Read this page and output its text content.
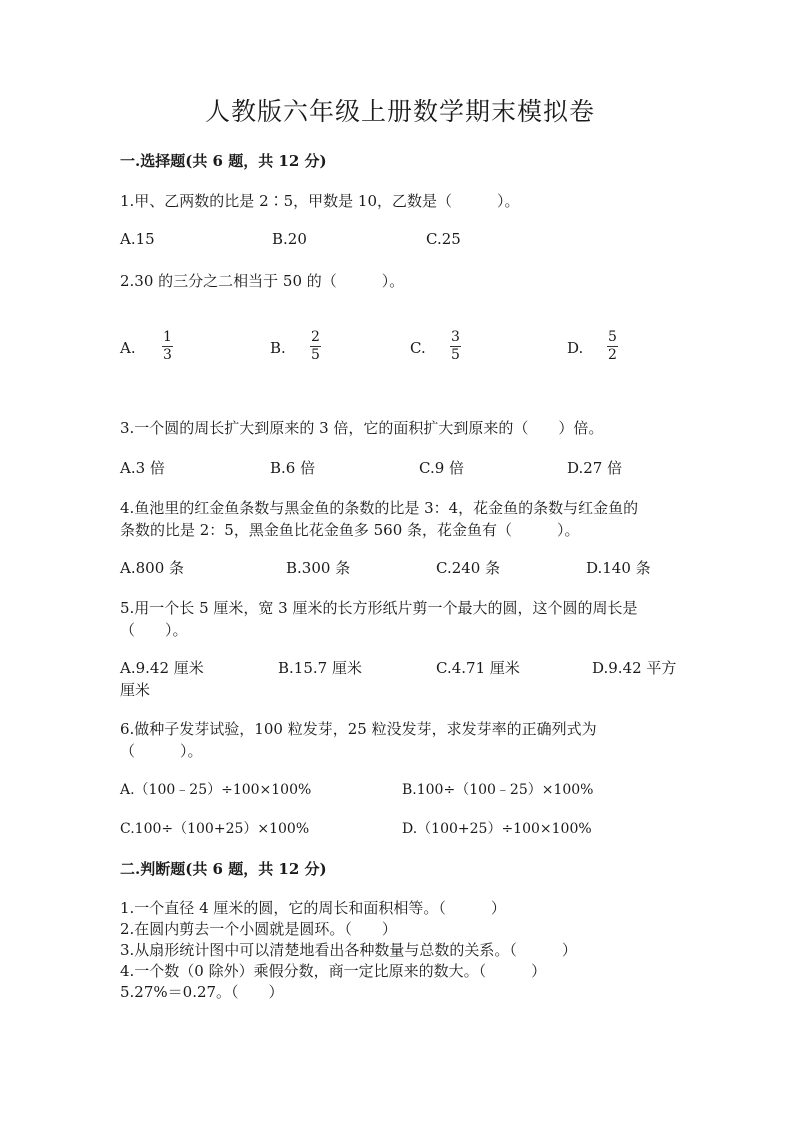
人教版六年级上册数学期末模拟卷
一.选择题(共 6 题，共 12 分)
1.甲、乙两数的比是 2∶5，甲数是 10，乙数是（　　　）。
A.15	B.20	C.25
2.30 的三分之二相当于 50 的（　　　）。
A.
1
3	B.
2
5	C.
3
5	D.
5
2
3.一个圆的周长扩大到原来的 3 倍，它的面积扩大到原来的（　　）倍。
A.3 倍	B.6 倍	C.9 倍	D.27 倍
4.鱼池里的红金鱼条数与黑金鱼的条数的比是 3：4，花金鱼的条数与红金鱼的
条数的比是 2：5，黑金鱼比花金鱼多 560 条，花金鱼有（　　　）。
A.800 条	B.300 条	C.240 条	D.140 条
5.用一个长 5 厘米，宽 3 厘米的长方形纸片剪一个最大的圆，这个圆的周长是
（　　）。
A.9.42 厘米	B.15.7 厘米	C.4.71 厘米	D.9.42 平方
厘米
6.做种子发芽试验，100 粒发芽，25 粒没发芽，求发芽率的正确列式为
（　　　）。
A.（100﹣25）÷100×100%	B.100÷（100﹣25）×100%
C.100÷（100+25）×100%	D.（100+25）÷100×100%
二.判断题(共 6 题，共 12 分)
1.一个直径 4 厘米的圆，它的周长和面积相等。（　　　）
2.在圆内剪去一个小圆就是圆环。（　　）
3.从扇形统计图中可以清楚地看出各种数量与总数的关系。（　　　）
4.一个数（0 除外）乘假分数，商一定比原来的数大。（　　　）
5.27%＝0.27。（　　）
